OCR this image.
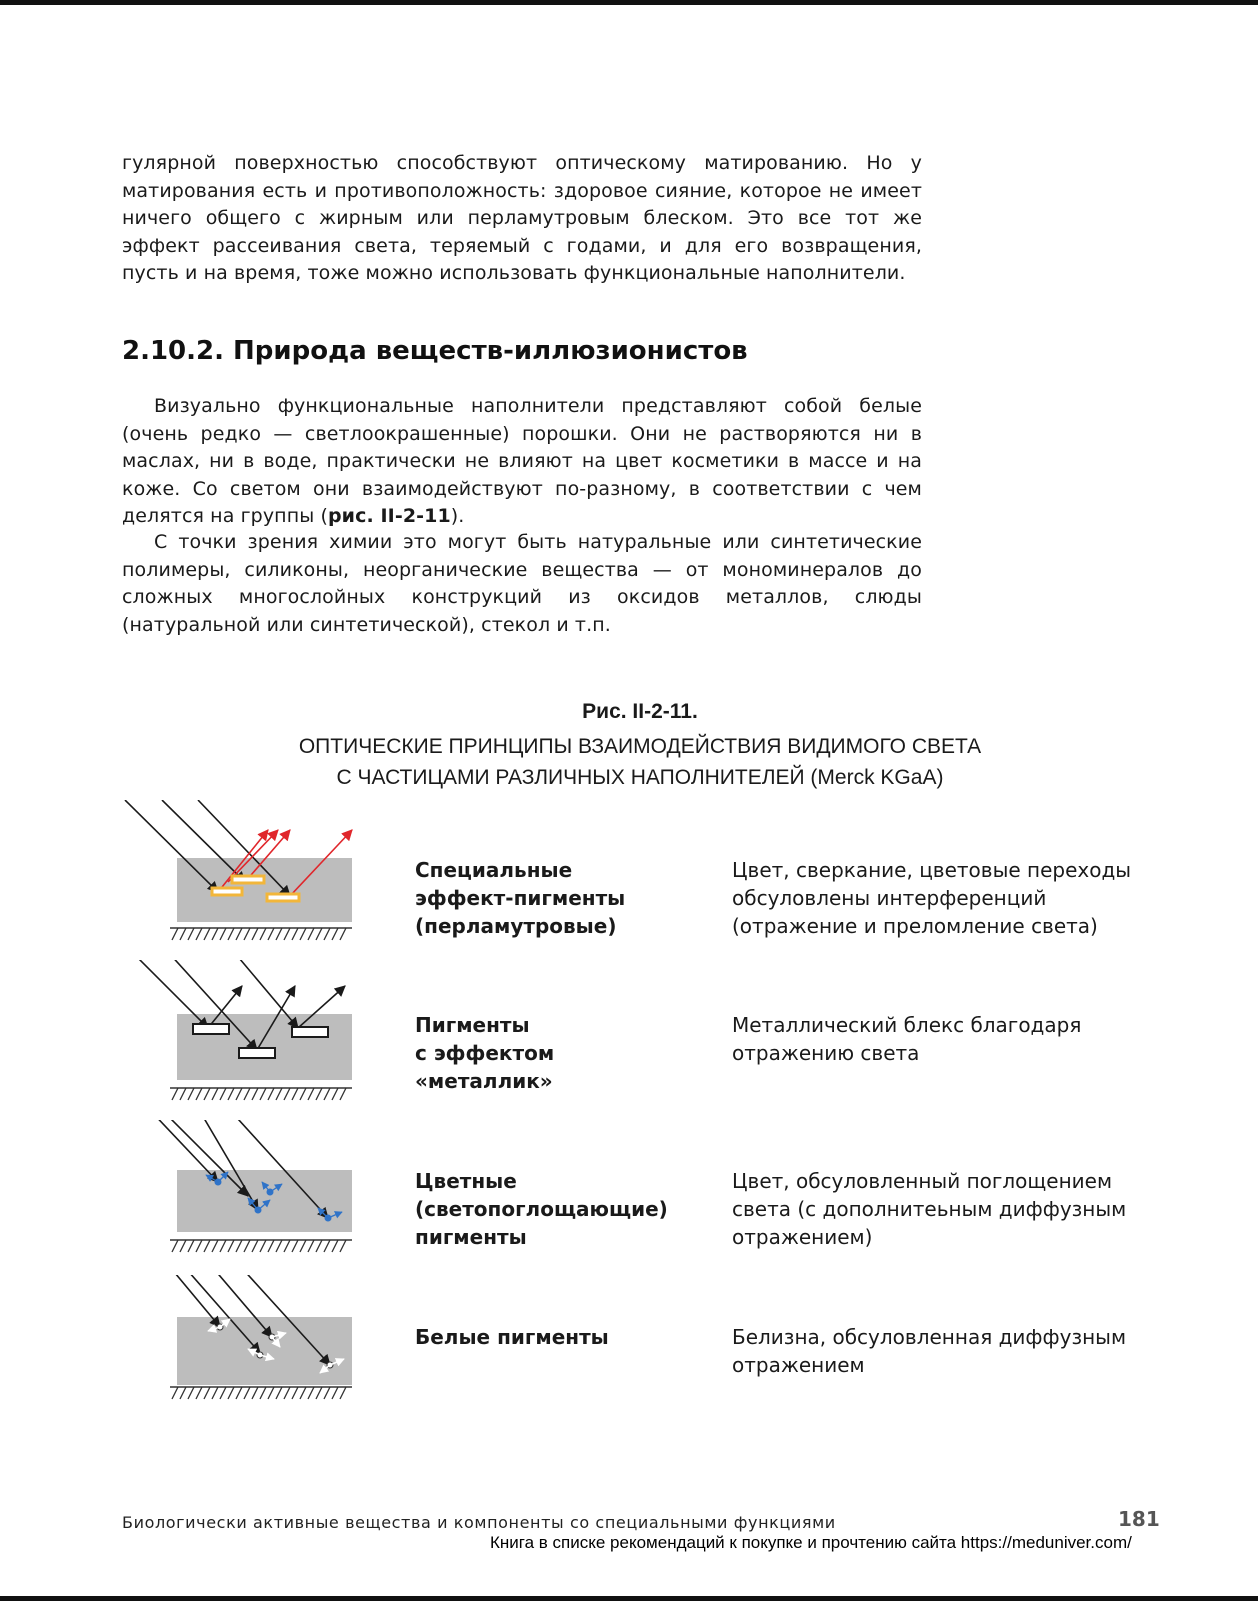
гулярной поверхностью способствуют оптическому матированию. Но у матирования есть и противоположность: здоровое сияние, которое не имеет ничего общего с жирным или перламутровым блеском. Это все тот же эффект рассеивания света, теряемый с годами, и для его возвращения, пусть и на время, тоже можно использовать функциональные наполнители.

2.10.2. Природа веществ-иллюзионистов

Визуально функциональные наполнители представляют собой белые (очень редко — светлоокрашенные) порошки. Они не растворяются ни в маслах, ни в воде, практически не влияют на цвет косметики в массе и на коже. Со светом они взаимодействуют по-разному, в соответствии с чем делятся на группы (рис. II-2-11).

С точки зрения химии это могут быть натуральные или синтетические полимеры, силиконы, неорганические вещества — от мономинералов до сложных многослойных конструкций из оксидов металлов, слюды (натуральной или синтетической), стекол и т.п.

Рис. II-2-11.

ОПТИЧЕСКИЕ ПРИНЦИПЫ ВЗАИМОДЕЙСТВИЯ ВИДИМОГО СВЕТА

С ЧАСТИЦАМИ РАЗЛИЧНЫХ НАПОЛНИТЕЛЕЙ (Merck KGaA)

Специальные
эффект-пигменты
(перламутровые)

Цвет, сверкание, цветовые переходы
обсуловлены интерференций
(отражение и преломление света)

Пигменты
с эффектом
«металлик»

Металлический блекс благодаря
отражению света

Цветные
(светопоглощающие)
пигменты

Цвет, обсуловленный поглощением
света (с дополнитеьным диффузным
отражением)

Белые пигменты	Белизна, обсуловленная диффузным
отражением

Биологически активные вещества и компоненты со специальными функциями	181

Книга в списке рекомендаций к покупке и прочтению сайта https://meduniver.com/
